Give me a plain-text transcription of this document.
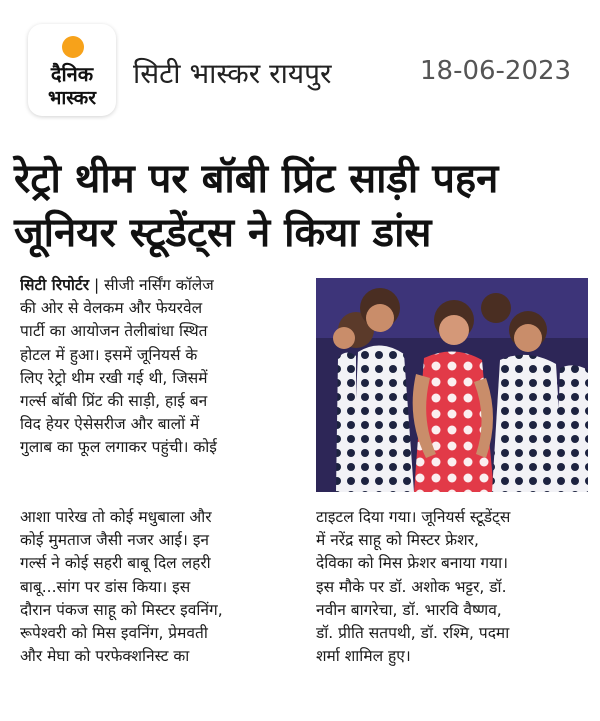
दैनिक
भास्कर
सिटी भास्कर रायपुर	18-06-2023
रेट्रो थीम पर बॉबी प्रिंट साड़ी पहन
जूनियर स्टूडेंट्स ने किया डांस
सिटी रिपोर्टर | सीजी नर्सिंग कॉलेज
की ओर से वेलकम और फेयरवेल
पार्टी का आयोजन तेलीबांधा स्थित
होटल में हुआ। इसमें जूनियर्स के
लिए रेट्रो थीम रखी गई थी, जिसमें
गर्ल्स बॉबी प्रिंट की साड़ी, हाई बन
विद हेयर ऐसेसरीज और बालों में
गुलाब का फूल लगाकर पहुंची। कोई
आशा पारेख तो कोई मधुबाला और
कोई मुमताज जैसी नजर आई। इन
गर्ल्स ने कोई सहरी बाबू दिल लहरी
बाबू...सांग पर डांस किया। इस
दौरान पंकज साहू को मिस्टर इवनिंग,
रूपेश्वरी को मिस इवनिंग, प्रेमवती
और मेघा को परफेक्शनिस्ट का
टाइटल दिया गया। जूनियर्स स्टूडेंट्स
में नरेंद्र साहू को मिस्टर फ्रेशर,
देविका को मिस फ्रेशर बनाया गया।
इस मौके पर डॉ. अशोक भट्टर, डॉ.
नवीन बागरेचा, डॉ. भारवि वैष्णव,
डॉ. प्रीति सतपथी, डॉ. रश्मि, पदमा
शर्मा शामिल हुए।
